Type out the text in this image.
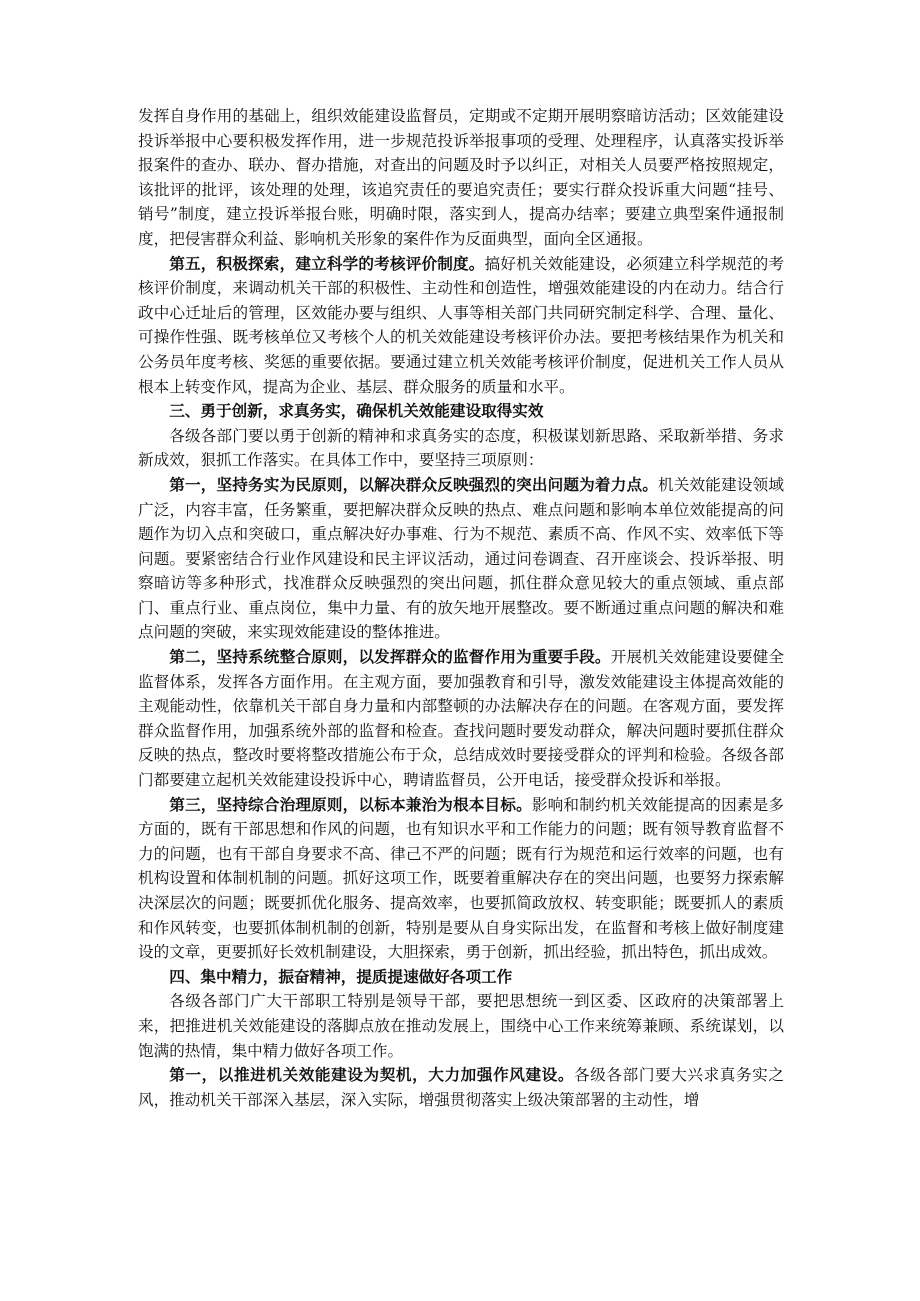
发挥自身作用的基础上，组织效能建设监督员，定期或不定期开展明察暗访活动；区效能建设投诉举报中心要积极发挥作用，进一步规范投诉举报事项的受理、处理程序，认真落实投诉举报案件的查办、联办、督办措施，对查出的问题及时予以纠正，对相关人员要严格按照规定，该批评的批评，该处理的处理，该追究责任的要追究责任；要实行群众投诉重大问题“挂号、销号”制度，建立投诉举报台账，明确时限，落实到人，提高办结率；要建立典型案件通报制度，把侵害群众利益、影响机关形象的案件作为反面典型，面向全区通报。

第五，积极探索，建立科学的考核评价制度。搞好机关效能建设，必须建立科学规范的考核评价制度，来调动机关干部的积极性、主动性和创造性，增强效能建设的内在动力。结合行政中心迁址后的管理，区效能办要与组织、人事等相关部门共同研究制定科学、合理、量化、可操作性强、既考核单位又考核个人的机关效能建设考核评价办法。要把考核结果作为机关和公务员年度考核、奖惩的重要依据。要通过建立机关效能考核评价制度，促进机关工作人员从根本上转变作风，提高为企业、基层、群众服务的质量和水平。

三、勇于创新，求真务实，确保机关效能建设取得实效

各级各部门要以勇于创新的精神和求真务实的态度，积极谋划新思路、采取新举措、务求新成效，狠抓工作落实。在具体工作中，要坚持三项原则：

第一，坚持务实为民原则，以解决群众反映强烈的突出问题为着力点。机关效能建设领域广泛，内容丰富，任务繁重，要把解决群众反映的热点、难点问题和影响本单位效能提高的问题作为切入点和突破口，重点解决好办事难、行为不规范、素质不高、作风不实、效率低下等问题。要紧密结合行业作风建设和民主评议活动，通过问卷调查、召开座谈会、投诉举报、明察暗访等多种形式，找准群众反映强烈的突出问题，抓住群众意见较大的重点领域、重点部门、重点行业、重点岗位，集中力量、有的放矢地开展整改。要不断通过重点问题的解决和难点问题的突破，来实现效能建设的整体推进。

第二，坚持系统整合原则，以发挥群众的监督作用为重要手段。开展机关效能建设要健全监督体系，发挥各方面作用。在主观方面，要加强教育和引导，激发效能建设主体提高效能的主观能动性，依靠机关干部自身力量和内部整顿的办法解决存在的问题。在客观方面，要发挥群众监督作用，加强系统外部的监督和检查。查找问题时要发动群众，解决问题时要抓住群众反映的热点，整改时要将整改措施公布于众，总结成效时要接受群众的评判和检验。各级各部门都要建立起机关效能建设投诉中心，聘请监督员，公开电话，接受群众投诉和举报。

第三，坚持综合治理原则，以标本兼治为根本目标。影响和制约机关效能提高的因素是多方面的，既有干部思想和作风的问题，也有知识水平和工作能力的问题；既有领导教育监督不力的问题，也有干部自身要求不高、律己不严的问题；既有行为规范和运行效率的问题，也有机构设置和体制机制的问题。抓好这项工作，既要着重解决存在的突出问题，也要努力探索解决深层次的问题；既要抓优化服务、提高效率，也要抓简政放权、转变职能；既要抓人的素质和作风转变，也要抓体制机制的创新，特别是要从自身实际出发，在监督和考核上做好制度建设的文章，更要抓好长效机制建设，大胆探索，勇于创新，抓出经验，抓出特色，抓出成效。

四、集中精力，振奋精神，提质提速做好各项工作

各级各部门广大干部职工特别是领导干部，要把思想统一到区委、区政府的决策部署上来，把推进机关效能建设的落脚点放在推动发展上，围绕中心工作来统筹兼顾、系统谋划，以饱满的热情，集中精力做好各项工作。

第一，以推进机关效能建设为契机，大力加强作风建设。各级各部门要大兴求真务实之风，推动机关干部深入基层，深入实际，增强贯彻落实上级决策部署的主动性，增
